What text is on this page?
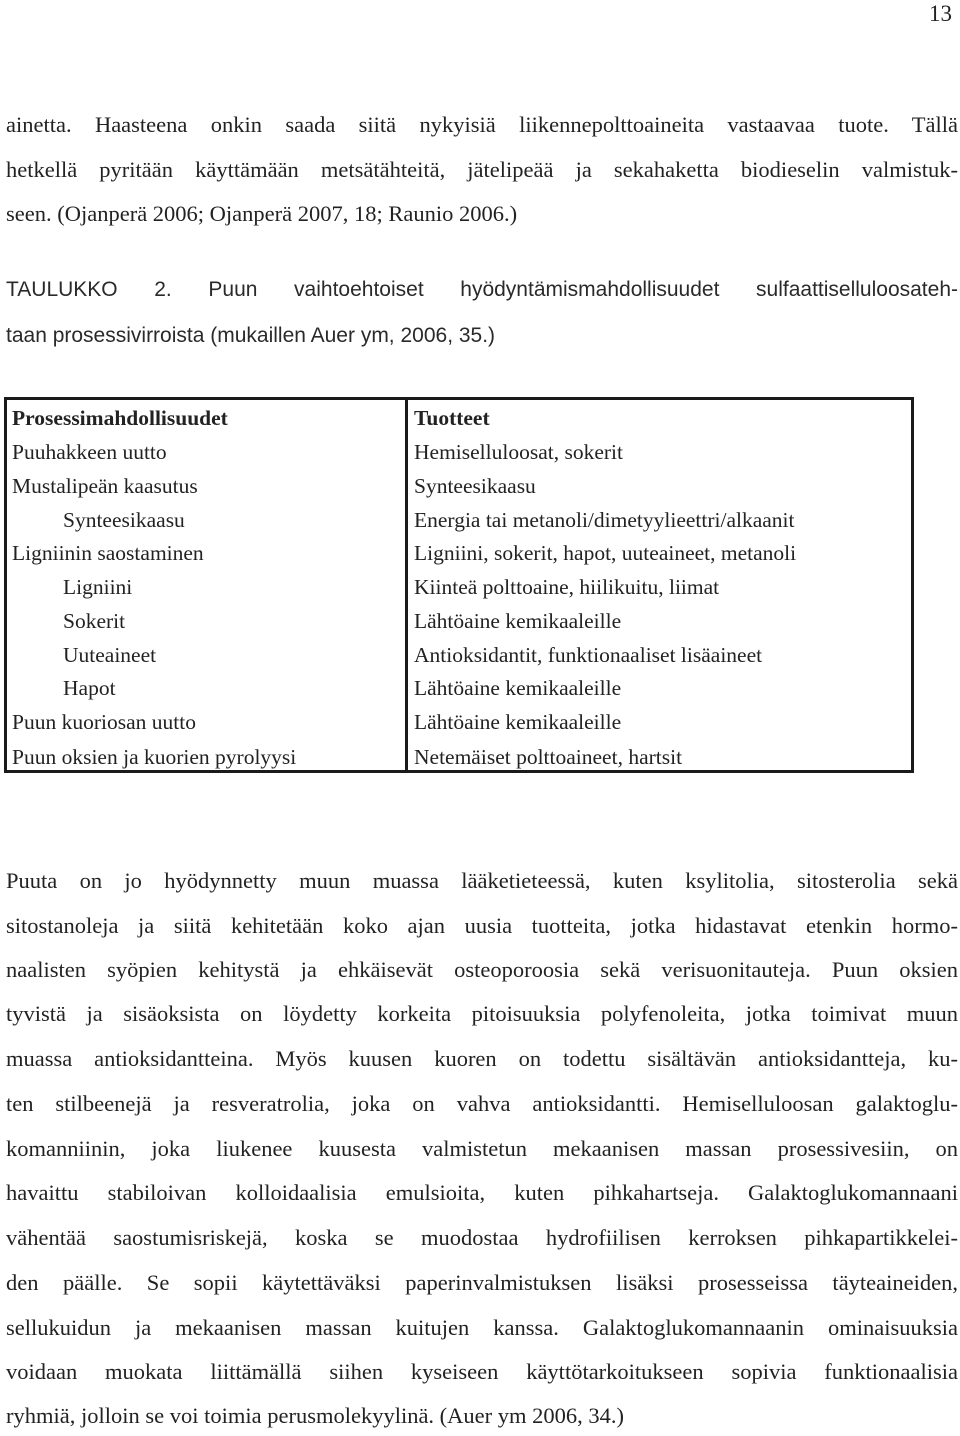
13
ainetta. Haasteena onkin saada siitä nykyisiä liikennepolttoaineita vastaavaa tuote. Tällä
hetkellä pyritään käyttämään metsätähteitä, jätelipeää ja sekahaketta biodieselin valmistuk-
seen. (Ojanperä 2006; Ojanperä 2007, 18; Raunio 2006.)
TAULUKKO 2. Puun vaihtoehtoiset hyödyntämismahdollisuudet sulfaattiselluloosateh-
taan prosessivirroista (mukaillen Auer ym, 2006, 35.)
Prosessimahdollisuudet	Tuotteet
Puuhakkeen uutto	Hemiselluloosat, sokerit
Mustalipeän kaasutus	Synteesikaasu
Synteesikaasu	Energia tai metanoli/dimetyylieettri/alkaanit
Ligniinin saostaminen	Ligniini, sokerit, hapot, uuteaineet, metanoli
Ligniini	Kiinteä polttoaine, hiilikuitu, liimat
Sokerit	Lähtöaine kemikaaleille
Uuteaineet	Antioksidantit, funktionaaliset lisäaineet
Hapot	Lähtöaine kemikaaleille
Puun kuoriosan uutto	Lähtöaine kemikaaleille
Puun oksien ja kuorien pyrolyysi	Netemäiset polttoaineet, hartsit
Puuta on jo hyödynnetty muun muassa lääketieteessä, kuten ksylitolia, sitosterolia sekä
sitostanoleja ja siitä kehitetään koko ajan uusia tuotteita, jotka hidastavat etenkin hormo-
naalisten syöpien kehitystä ja ehkäisevät osteoporoosia sekä verisuonitauteja. Puun oksien
tyvistä ja sisäoksista on löydetty korkeita pitoisuuksia polyfenoleita, jotka toimivat muun
muassa antioksidantteina. Myös kuusen kuoren on todettu sisältävän antioksidantteja, ku-
ten stilbeenejä ja resveratrolia, joka on vahva antioksidantti. Hemiselluloosan galaktoglu-
komanniinin, joka liukenee kuusesta valmistetun mekaanisen massan prosessivesiin, on
havaittu stabiloivan kolloidaalisia emulsioita, kuten pihkahartseja. Galaktoglukomannaani
vähentää saostumisriskejä, koska se muodostaa hydrofiilisen kerroksen pihkapartikkelei-
den päälle. Se sopii käytettäväksi paperinvalmistuksen lisäksi prosesseissa täyteaineiden,
sellukuidun ja mekaanisen massan kuitujen kanssa. Galaktoglukomannaanin ominaisuuksia
voidaan muokata liittämällä siihen kyseiseen käyttötarkoitukseen sopivia funktionaalisia
ryhmiä, jolloin se voi toimia perusmolekyylinä. (Auer ym 2006, 34.)
